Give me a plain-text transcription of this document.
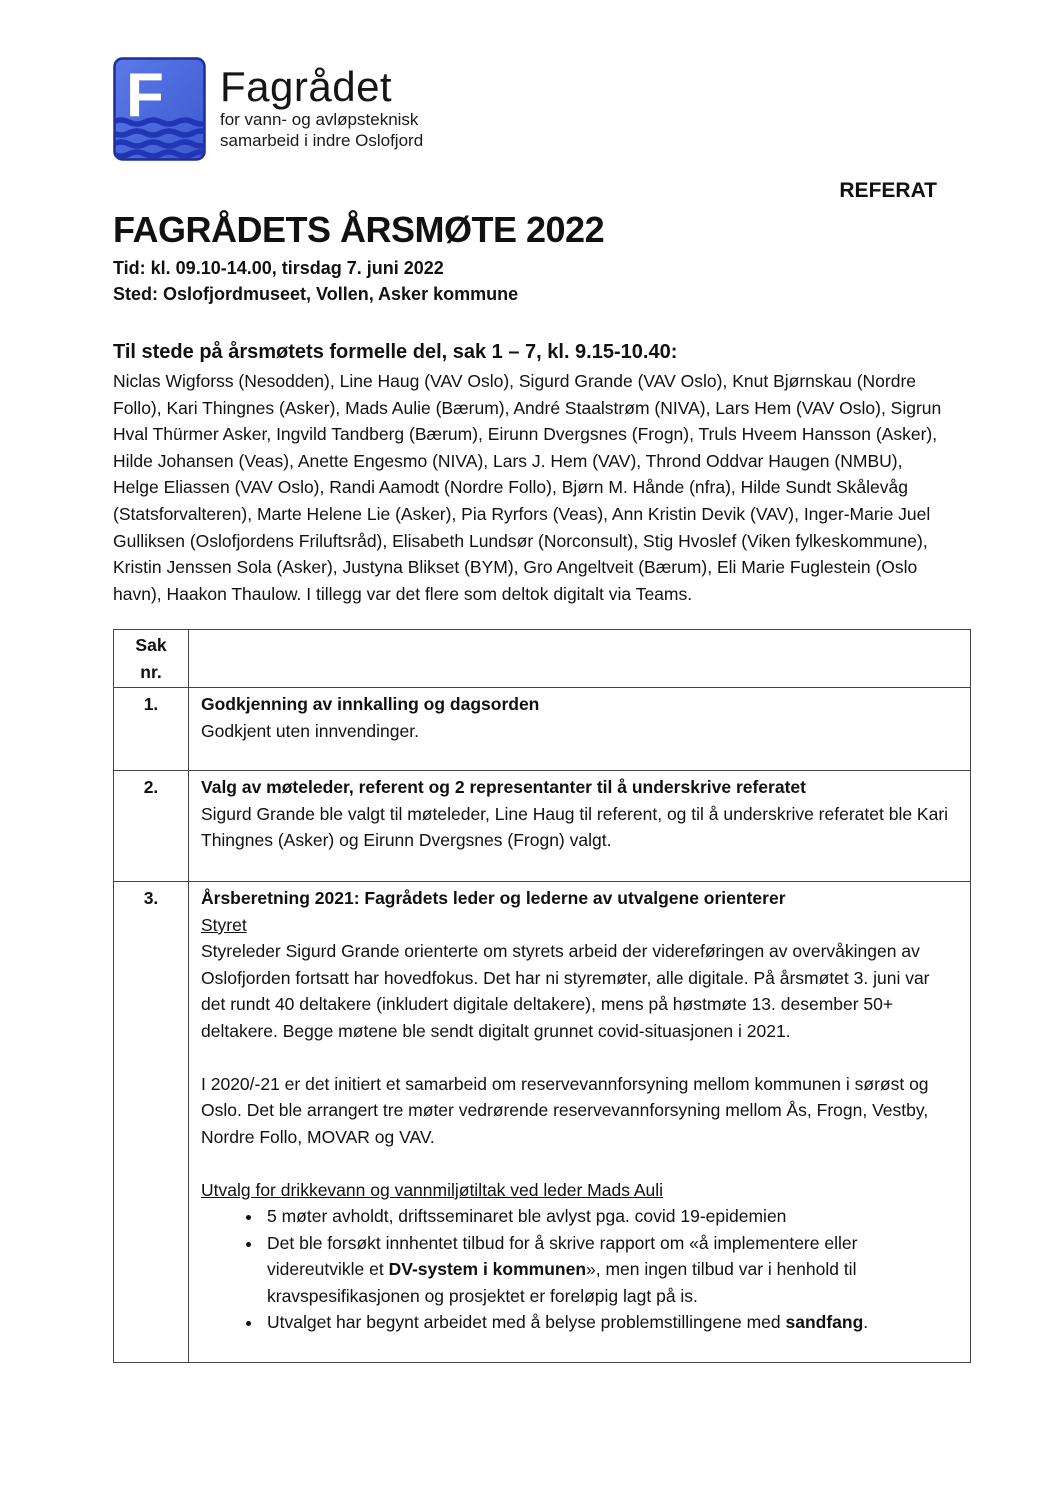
F Fagrådet
for vann- og avløpsteknisk
samarbeid i indre Oslofjord
REFERAT
FAGRÅDETS ÅRSMØTE 2022
Tid: kl. 09.10-14.00, tirsdag 7. juni 2022
Sted: Oslofjordmuseet, Vollen, Asker kommune
Til stede på årsmøtets formelle del, sak 1 – 7, kl. 9.15-10.40:

Niclas Wigforss (Nesodden), Line Haug (VAV Oslo), Sigurd Grande (VAV Oslo), Knut Bjørnskau (Nordre Follo), Kari Thingnes (Asker), Mads Aulie (Bærum), André Staalstrøm (NIVA), Lars Hem (VAV Oslo), Sigrun Hval Thürmer Asker, Ingvild Tandberg (Bærum), Eirunn Dvergsnes (Frogn), Truls Hveem Hansson (Asker), Hilde Johansen (Veas), Anette Engesmo (NIVA), Lars J. Hem (VAV), Thrond Oddvar Haugen (NMBU), Helge Eliassen (VAV Oslo), Randi Aamodt (Nordre Follo), Bjørn M. Hånde (nfra), Hilde Sundt Skålevåg (Statsforvalteren), Marte Helene Lie (Asker), Pia Ryrfors (Veas), Ann Kristin Devik (VAV), Inger-Marie Juel Gulliksen (Oslofjordens Friluftsråd), Elisabeth Lundsør (Norconsult), Stig Hvoslef (Viken fylkeskommune), Kristin Jenssen Sola (Asker), Justyna Blikset (BYM), Gro Angeltveit (Bærum), Eli Marie Fuglestein (Oslo havn), Haakon Thaulow. I tillegg var det flere som deltok digitalt via Teams.

Sak
nr.	

1.	Godkjenning av innkalling og dagsorden
Godkjent uten innvendinger.

2.	Valg av møteleder, referent og 2 representanter til å underskrive referatet
Sigurd Grande ble valgt til møteleder, Line Haug til referent, og til å underskrive referatet ble Kari Thingnes (Asker) og Eirunn Dvergsnes (Frogn) valgt.

3.	Årsberetning 2021: Fagrådets leder og lederne av utvalgene orienterer
Styret
Styreleder Sigurd Grande orienterte om styrets arbeid der videreføringen av overvåkingen av Oslofjorden fortsatt har hovedfokus. Det har ni styremøter, alle digitale. På årsmøtet 3. juni var det rundt 40 deltakere (inkludert digitale deltakere), mens på høstmøte 13. desember 50+ deltakere. Begge møtene ble sendt digitalt grunnet covid-situasjonen i 2021.
I 2020/-21 er det initiert et samarbeid om reservevannforsyning mellom kommunen i sørøst og Oslo. Det ble arrangert tre møter vedrørende reservevannforsyning mellom Ås, Frogn, Vestby, Nordre Follo, MOVAR og VAV.
Utvalg for drikkevann og vannmiljøtiltak ved leder Mads Auli
• 5 møter avholdt, driftsseminaret ble avlyst pga. covid 19-epidemien
• Det ble forsøkt innhentet tilbud for å skrive rapport om «å implementere eller videreutvikle et DV-system i kommunen», men ingen tilbud var i henhold til kravspesifikasjonen og prosjektet er foreløpig lagt på is.
• Utvalget har begynt arbeidet med å belyse problemstillingene med sandfang.
